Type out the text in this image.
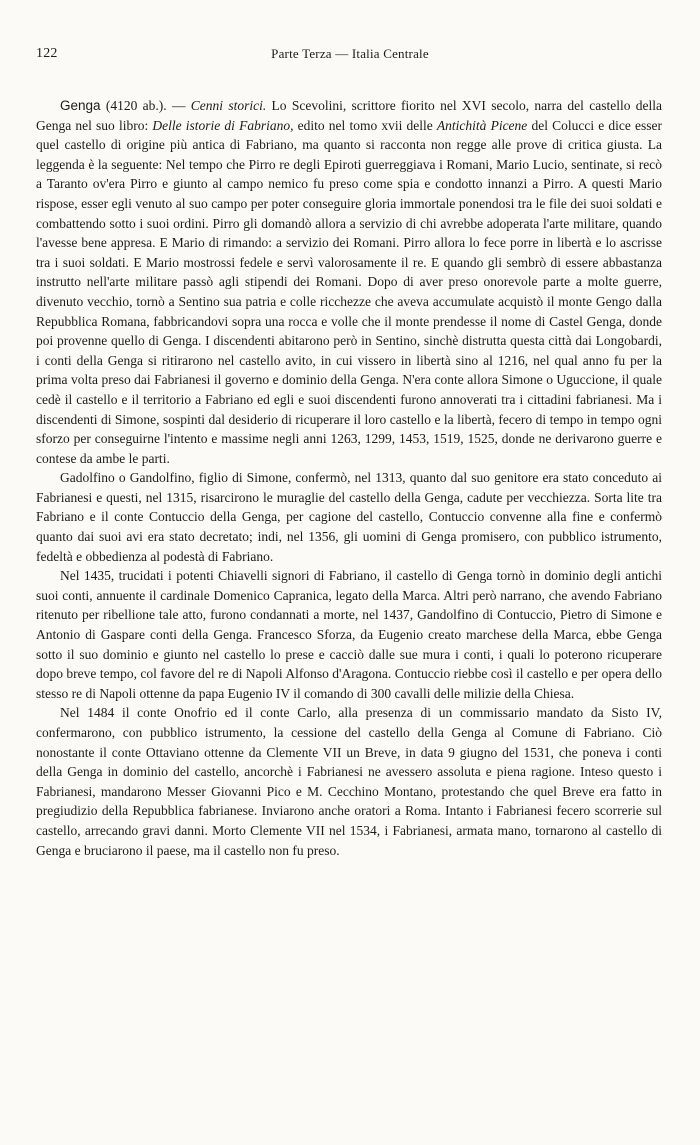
122	Parte Terza — Italia Centrale

Genga (4120 ab.). — Cenni storici. Lo Scevolini, scrittore fiorito nel XVI secolo, narra del castello della Genga nel suo libro: Delle istorie di Fabriano, edito nel tomo xvii delle Antichità Picene del Colucci e dice esser quel castello di origine più antica di Fabriano, ma quanto si racconta non regge alle prove di critica giusta. La leggenda è la seguente: Nel tempo che Pirro re degli Epiroti guerreggiava i Romani, Mario Lucio, sentinate, si recò a Taranto ov'era Pirro e giunto al campo nemico fu preso come spia e condotto innanzi a Pirro. A questi Mario rispose, esser egli venuto al suo campo per poter conseguire gloria immortale ponendosi tra le file dei suoi soldati e combattendo sotto i suoi ordini. Pirro gli domandò allora a servizio di chi avrebbe adoperata l'arte militare, quando l'avesse bene appresa. E Mario di rimando: a servizio dei Romani. Pirro allora lo fece porre in libertà e lo ascrisse tra i suoi soldati. E Mario mostrossi fedele e servì valorosamente il re. E quando gli sembrò di essere abbastanza instrutto nell'arte militare passò agli stipendi dei Romani. Dopo di aver preso onorevole parte a molte guerre, divenuto vecchio, tornò a Sentino sua patria e colle ricchezze che aveva accumulate acquistò il monte Gengo dalla Repubblica Romana, fabbricandovi sopra una rocca e volle che il monte prendesse il nome di Castel Genga, donde poi provenne quello di Genga. I discendenti abitarono però in Sentino, sinchè distrutta questa città dai Longobardi, i conti della Genga si ritirarono nel castello avito, in cui vissero in libertà sino al 1216, nel qual anno fu per la prima volta preso dai Fabrianesi il governo e dominio della Genga. N'era conte allora Simone o Uguccione, il quale cedè il castello e il territorio a Fabriano ed egli e suoi discendenti furono annoverati tra i cittadini fabrianesi. Ma i discendenti di Simone, sospinti dal desiderio di ricuperare il loro castello e la libertà, fecero di tempo in tempo ogni sforzo per conseguirne l'intento e massime negli anni 1263, 1299, 1453, 1519, 1525, donde ne derivarono guerre e contese da ambe le parti.

Gadolfino o Gandolfino, figlio di Simone, confermò, nel 1313, quanto dal suo genitore era stato conceduto ai Fabrianesi e questi, nel 1315, risarcirono le muraglie del castello della Genga, cadute per vecchiezza. Sorta lite tra Fabriano e il conte Contuccio della Genga, per cagione del castello, Contuccio convenne alla fine e confermò quanto dai suoi avi era stato decretato; indi, nel 1356, gli uomini di Genga promisero, con pubblico istrumento, fedeltà e obbedienza al podestà di Fabriano.

Nel 1435, trucidati i potenti Chiavelli signori di Fabriano, il castello di Genga tornò in dominio degli antichi suoi conti, annuente il cardinale Domenico Capranica, legato della Marca. Altri però narrano, che avendo Fabriano ritenuto per ribellione tale atto, furono condannati a morte, nel 1437, Gandolfino di Contuccio, Pietro di Simone e Antonio di Gaspare conti della Genga. Francesco Sforza, da Eugenio creato marchese della Marca, ebbe Genga sotto il suo dominio e giunto nel castello lo prese e cacciò dalle sue mura i conti, i quali lo poterono ricuperare dopo breve tempo, col favore del re di Napoli Alfonso d'Aragona. Contuccio riebbe così il castello e per opera dello stesso re di Napoli ottenne da papa Eugenio IV il comando di 300 cavalli delle milizie della Chiesa.

Nel 1484 il conte Onofrio ed il conte Carlo, alla presenza di un commissario mandato da Sisto IV, confermarono, con pubblico istrumento, la cessione del castello della Genga al Comune di Fabriano. Ciò nonostante il conte Ottaviano ottenne da Clemente VII un Breve, in data 9 giugno del 1531, che poneva i conti della Genga in dominio del castello, ancorchè i Fabrianesi ne avessero assoluta e piena ragione. Inteso questo i Fabrianesi, mandarono Messer Giovanni Pico e M. Cecchino Montano, protestando che quel Breve era fatto in pregiudizio della Repubblica fabrianese. Inviarono anche oratori a Roma. Intanto i Fabrianesi fecero scorrerie sul castello, arrecando gravi danni. Morto Clemente VII nel 1534, i Fabrianesi, armata mano, tornarono al castello di Genga e bruciarono il paese, ma il castello non fu preso.
